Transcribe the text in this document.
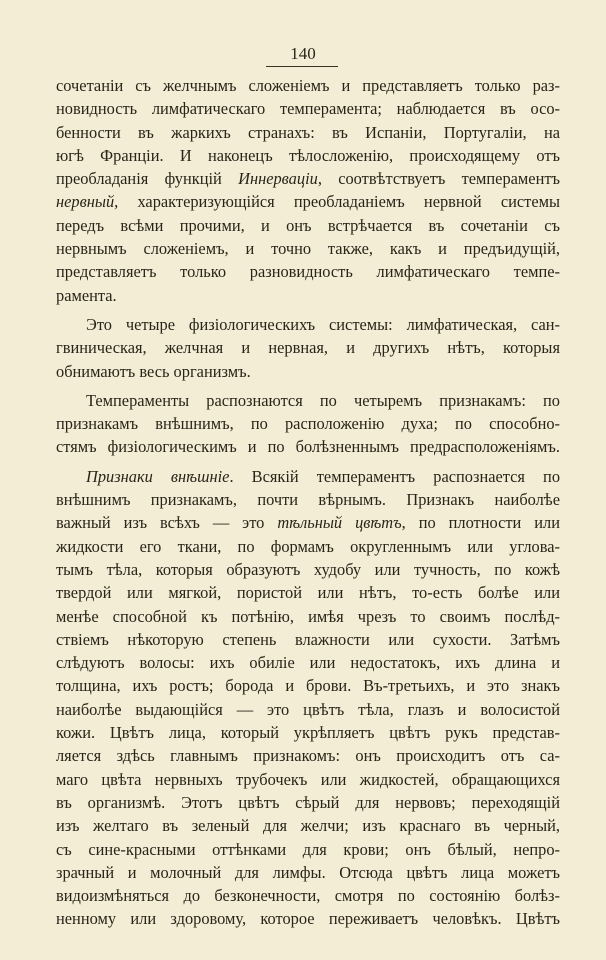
140
сочетаніи съ желчнымъ сложеніемъ и представляетъ только раз-
новидность лимфатическаго темперамента; наблюдается въ осо-
бенности въ жаркихъ странахъ: въ Испаніи, Португаліи, на
югѣ Франціи. И наконецъ тѣлосложенію, происходящему отъ
преобладанія функцій Иннерваціи, соотвѣтствуетъ темпераментъ
нервный, характеризующійся преобладаніемъ нервной системы
передъ всѣми прочими, и онъ встрѣчается въ сочетаніи съ
нервнымъ сложеніемъ, и точно также, какъ и предъидущій,
представляетъ только разновидность лимфатическаго темпе-
рамента.
Это четыре физіологическихъ системы: лимфатическая, сан-
гвиническая, желчная и нервная, и другихъ нѣтъ, которыя
обнимаютъ весь организмъ.
Темпераменты распознаются по четыремъ признакамъ: по
признакамъ внѣшнимъ, по расположенію духа; по способно-
стямъ физіологическимъ и по болѣзненнымъ предрасположеніямъ.
Признаки внѣшніе. Всякій темпераментъ распознается по
внѣшнимъ признакамъ, почти вѣрнымъ. Признакъ наиболѣе
важный изъ всѣхъ — это тѣльный цвѣтъ, по плотности или
жидкости его ткани, по формамъ округленнымъ или углова-
тымъ тѣла, которыя образуютъ худобу или тучность, по кожѣ
твердой или мягкой, пористой или нѣтъ, то-есть болѣе или
менѣе способной къ потѣнію, имѣя чрезъ то своимъ послѣд-
ствіемъ нѣкоторую степень влажности или сухости. Затѣмъ
слѣдуютъ волосы: ихъ обиліе или недостатокъ, ихъ длина и
толщина, ихъ ростъ; борода и брови. Въ-третьихъ, и это знакъ
наиболѣе выдающійся — это цвѣтъ тѣла, глазъ и волосистой
кожи. Цвѣтъ лица, который укрѣпляетъ цвѣтъ рукъ представ-
ляется здѣсь главнымъ признакомъ: онъ происходитъ отъ са-
маго цвѣта нервныхъ трубочекъ или жидкостей, обращающихся
въ организмѣ. Этотъ цвѣтъ сѣрый для нервовъ; переходящій
изъ желтаго въ зеленый для желчи; изъ краснаго въ черный,
съ сине-красными оттѣнками для крови; онъ бѣлый, непро-
зрачный и молочный для лимфы. Отсюда цвѣтъ лица можетъ
видоизмѣняться до безконечности, смотря по состоянію болѣз-
ненному или здоровому, которое переживаетъ человѣкъ. Цвѣтъ
